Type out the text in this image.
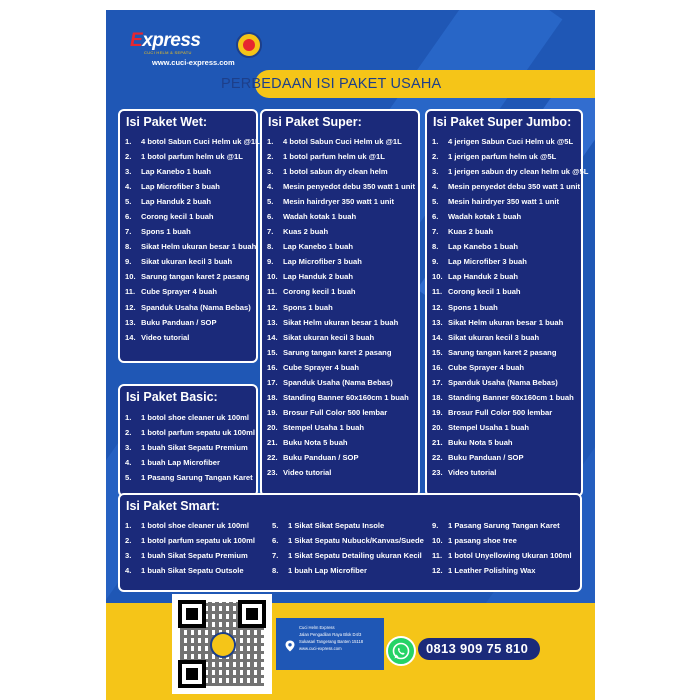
Express
CUCI HELM & SEPATU
www.cuci-express.com
PERBEDAAN ISI PAKET USAHA
Isi Paket Wet:
1. 4 botol Sabun Cuci Helm uk @1L
2. 1 botol parfum helm uk @1L
3. Lap Kanebo 1 buah
4. Lap Microfiber 3 buah
5. Lap Handuk 2 buah
6. Corong kecil 1 buah
7. Spons 1 buah
8. Sikat Helm ukuran besar 1 buah
9. Sikat ukuran kecil 3 buah
10. Sarung tangan karet 2 pasang
11. Cube Sprayer 4 buah
12. Spanduk Usaha (Nama Bebas)
13. Buku Panduan / SOP
14. Video tutorial
Isi Paket Super:
1. 4 botol Sabun Cuci Helm uk @1L
2. 1 botol parfum helm uk @1L
3. 1 botol sabun dry clean helm
4. Mesin penyedot debu 350 watt 1 unit
5. Mesin hairdryer 350 watt 1 unit
6. Wadah kotak 1 buah
7. Kuas 2 buah
8. Lap Kanebo 1 buah
9. Lap Microfiber 3 buah
10. Lap Handuk 2 buah
11. Corong kecil 1 buah
12. Spons 1 buah
13. Sikat Helm ukuran besar 1 buah
14. Sikat ukuran kecil 3 buah
15. Sarung tangan karet 2 pasang
16. Cube Sprayer 4 buah
17. Spanduk Usaha (Nama Bebas)
18. Standing Banner 60x160cm 1 buah
19. Brosur Full Color 500 lembar
20. Stempel Usaha 1 buah
21. Buku Nota 5 buah
22. Buku Panduan / SOP
23. Video tutorial
Isi Paket Super Jumbo:
1. 4 jerigen Sabun Cuci Helm uk @5L
2. 1 jerigen parfum helm uk @5L
3. 1 jerigen sabun dry clean helm uk @5L
4. Mesin penyedot debu 350 watt 1 unit
5. Mesin hairdryer 350 watt 1 unit
6. Wadah kotak 1 buah
7. Kuas 2 buah
8. Lap Kanebo 1 buah
9. Lap Microfiber 3 buah
10. Lap Handuk 2 buah
11. Corong kecil 1 buah
12. Spons 1 buah
13. Sikat Helm ukuran besar 1 buah
14. Sikat ukuran kecil 3 buah
15. Sarung tangan karet 2 pasang
16. Cube Sprayer 4 buah
17. Spanduk Usaha (Nama Bebas)
18. Standing Banner 60x160cm 1 buah
19. Brosur Full Color 500 lembar
20. Stempel Usaha 1 buah
21. Buku Nota 5 buah
22. Buku Panduan / SOP
23. Video tutorial
Isi Paket Basic:
1. 1 botol shoe cleaner uk 100ml
2. 1 botol parfum sepatu uk 100ml
3. 1 buah Sikat Sepatu Premium
4. 1 buah Lap Microfiber
5. 1 Pasang Sarung Tangan Karet
Isi Paket Smart:
1. 1 botol shoe cleaner uk 100ml
2. 1 botol parfum sepatu uk 100ml
3. 1 buah Sikat Sepatu Premium
4. 1 buah Sikat Sepatu Outsole
5. 1 Sikat Sikat Sepatu Insole
6. 1 Sikat Sepatu Nubuck/Kanvas/Suede
7. 1 Sikat Sepatu Detailing ukuran Kecil
8. 1 buah Lap Microfiber
9. 1 Pasang Sarung Tangan Karet
10. 1 pasang shoe tree
11. 1 botol Unyellowing Ukuran 100ml
12. 1 Leather Polishing Wax
Cuci Helm Express
Jalan Pengadilan Raya Blok D4/3
Sukasari Tangerang Banten 15118
www.cuci-express.com	0813 909 75 810
